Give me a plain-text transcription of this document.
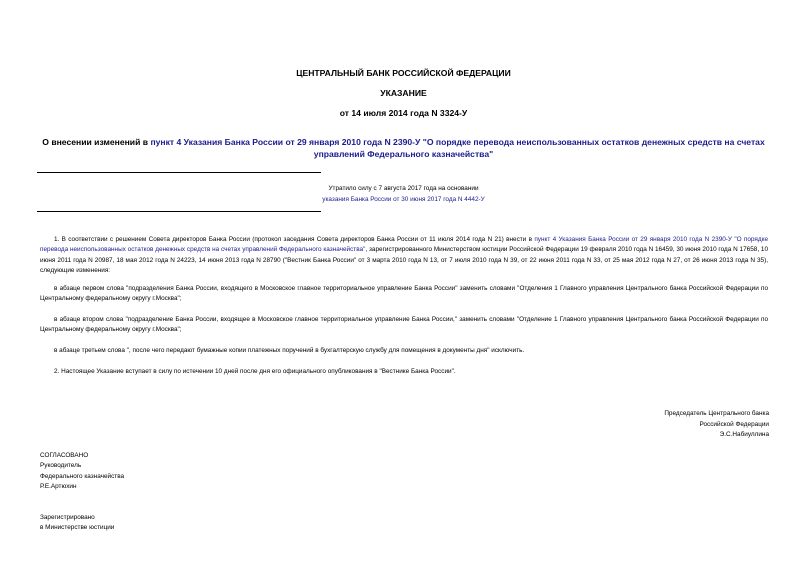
ЦЕНТРАЛЬНЫЙ БАНК РОССИЙСКОЙ ФЕДЕРАЦИИ
УКАЗАНИЕ
от 14 июля 2014 года N 3324-У
О внесении изменений в пункт 4 Указания Банка России от 29 января 2010 года N 2390-У "О порядке перевода неиспользованных остатков денежных средств на счетах управлений Федерального казначейства"
Утратило силу с 7 августа 2017 года на основании
указания Банка России от 30 июня 2017 года N 4442-У
1. В соответствии с решением Совета директоров Банка России (протокол заседания Совета директоров Банка России от 11 июля 2014 года N 21) внести в пункт 4 Указания Банка России от 29 января 2010 года N 2390-У "О порядке перевода неиспользованных остатков денежных средств на счетах управлений Федерального казначейства", зарегистрированного Министерством юстиции Российской Федерации 19 февраля 2010 года N 16459, 30 июня 2010 года N 17658, 10 июня 2011 года N 20987, 18 мая 2012 года N 24223, 14 июня 2013 года N 28790 ("Вестник Банка России" от 3 марта 2010 года N 13, от 7 июля 2010 года N 39, от 22 июня 2011 года N 33, от 25 мая 2012 года N 27, от 26 июня 2013 года N 35), следующие изменения:
в абзаце первом слова "подразделения Банка России, входящего в Московское главное территориальное управление Банка России" заменить словами "Отделения 1 Главного управления Центрального банка Российской Федерации по Центральному федеральному округу г.Москва";
в абзаце втором слова "подразделение Банка России, входящее в Московское главное территориальное управление Банка России," заменить словами "Отделение 1 Главного управления Центрального банка Российской Федерации по Центральному федеральному округу г.Москва";
в абзаце третьем слова ", после чего передают бумажные копии платежных поручений в бухгалтерскую службу для помещения в документы дня" исключить.
2. Настоящее Указание вступает в силу по истечении 10 дней после дня его официального опубликования в "Вестнике Банка России".
Председатель Центрального банка
Российской Федерации
Э.С.Набиуллина
СОГЛАСОВАНО
Руководитель
Федерального казначейства
Р.Е.Артюхин
Зарегистрировано
в Министерстве юстиции
